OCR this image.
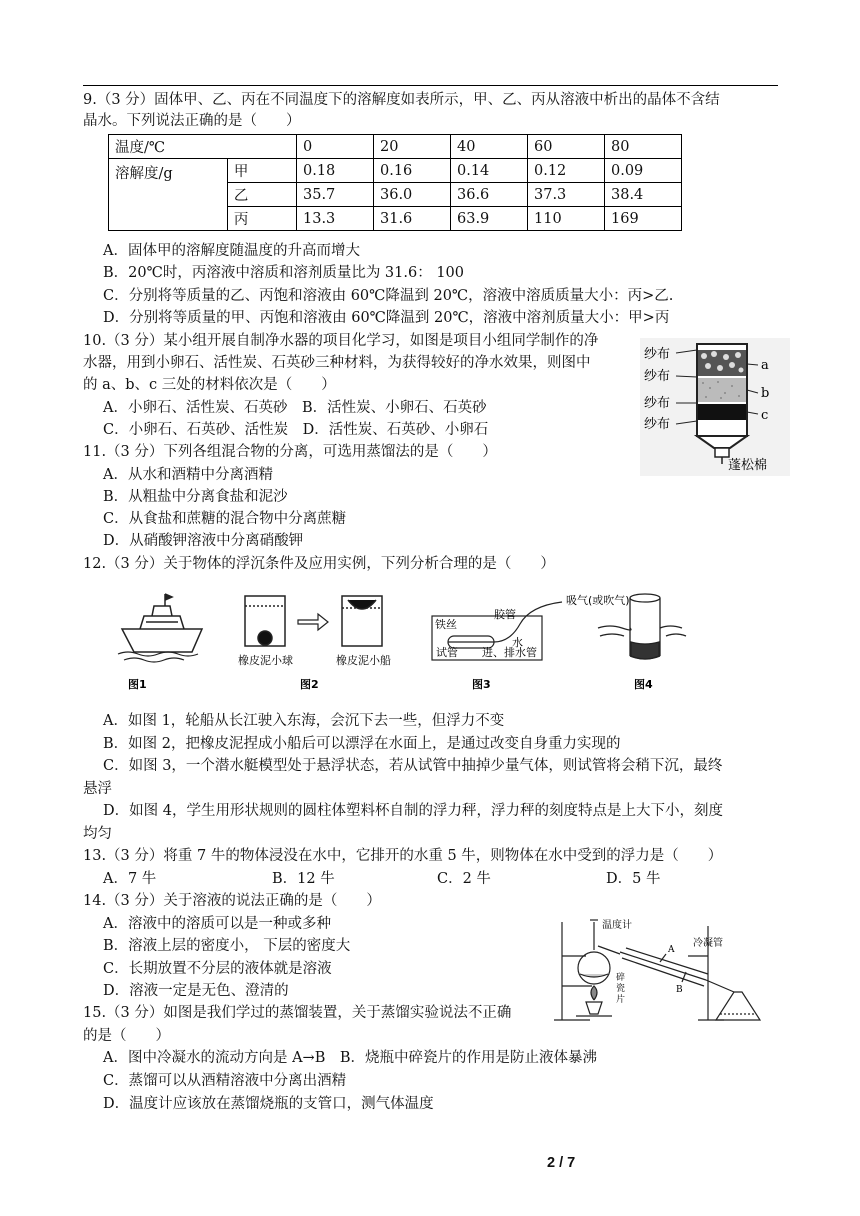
9.（3 分）固体甲、乙、丙在不同温度下的溶解度如表所示，甲、乙、丙从溶液中析出的晶体不含结
晶水。下列说法正确的是（　　）
温度/℃		0	20	40	60	80
溶解度/g	甲	0.18	0.16	0.14	0.12	0.09
	乙	35.7	36.0	36.6	37.3	38.4
	丙	13.3	31.6	63.9	110	169
A．固体甲的溶解度随温度的升高而增大
B．20℃时，丙溶液中溶质和溶剂质量比为 31.6： 100
C．分别将等质量的乙、丙饱和溶液由 60℃降温到 20℃，溶液中溶质质量大小：丙>乙.
D．分别将等质量的甲、丙饱和溶液由 60℃降温到 20℃，溶液中溶剂质量大小：甲>丙
10.（3 分）某小组开展自制净水器的项目化学习，如图是项目小组同学制作的净
水器，用到小卵石、活性炭、石英砂三种材料，为获得较好的净水效果，则图中
的 a、b、c 三处的材料依次是（　　）
A．小卵石、活性炭、石英砂　B．活性炭、小卵石、石英砂
C．小卵石、石英砂、活性炭　D．活性炭、石英砂、小卵石
纱布
纱布
纱布
纱布
a
b
c
蓬松棉
11.（3 分）下列各组混合物的分离，可选用蒸馏法的是（　　）
A．从水和酒精中分离酒精
B．从粗盐中分离食盐和泥沙
C．从食盐和蔗糖的混合物中分离蔗糖
D．从硝酸钾溶液中分离硝酸钾
12.（3 分）关于物体的浮沉条件及应用实例，下列分析合理的是（　　）
图1
橡皮泥小球	橡皮泥小船
图2
铁丝
胶管
吸气(或吹气)
水
试管 进、排水管
图3	图4
A．如图 1，轮船从长江驶入东海，会沉下去一些，但浮力不变
B．如图 2，把橡皮泥捏成小船后可以漂浮在水面上，是通过改变自身重力实现的
C．如图 3，一个潜水艇模型处于悬浮状态，若从试管中抽掉少量气体，则试管将会稍下沉，最终
悬浮
D．如图 4，学生用形状规则的圆柱体塑料杯自制的浮力秤，浮力秤的刻度特点是上大下小，刻度
均匀
13.（3 分）将重 7 牛的物体浸没在水中，它排开的水重 5 牛，则物体在水中受到的浮力是（　　）
A．7 牛	B．12 牛	C．2 牛	D．5 牛
14.（3 分）关于溶液的说法正确的是（　　）
A．溶液中的溶质可以是一种或多种
B．溶液上层的密度小， 下层的密度大
C．长期放置不分层的液体就是溶液
D．溶液一定是无色、澄清的
15.（3 分）如图是我们学过的蒸馏装置，关于蒸馏实验说法不正确
的是（　　）
A．图中冷凝水的流动方向是 A→B　B．烧瓶中碎瓷片的作用是防止液体暴沸
C．蒸馏可以从酒精溶液中分离出酒精
D．温度计应该放在蒸馏烧瓶的支管口，测气体温度
温度计
冷凝管
A
B
碎
瓷
片
2 / 7
